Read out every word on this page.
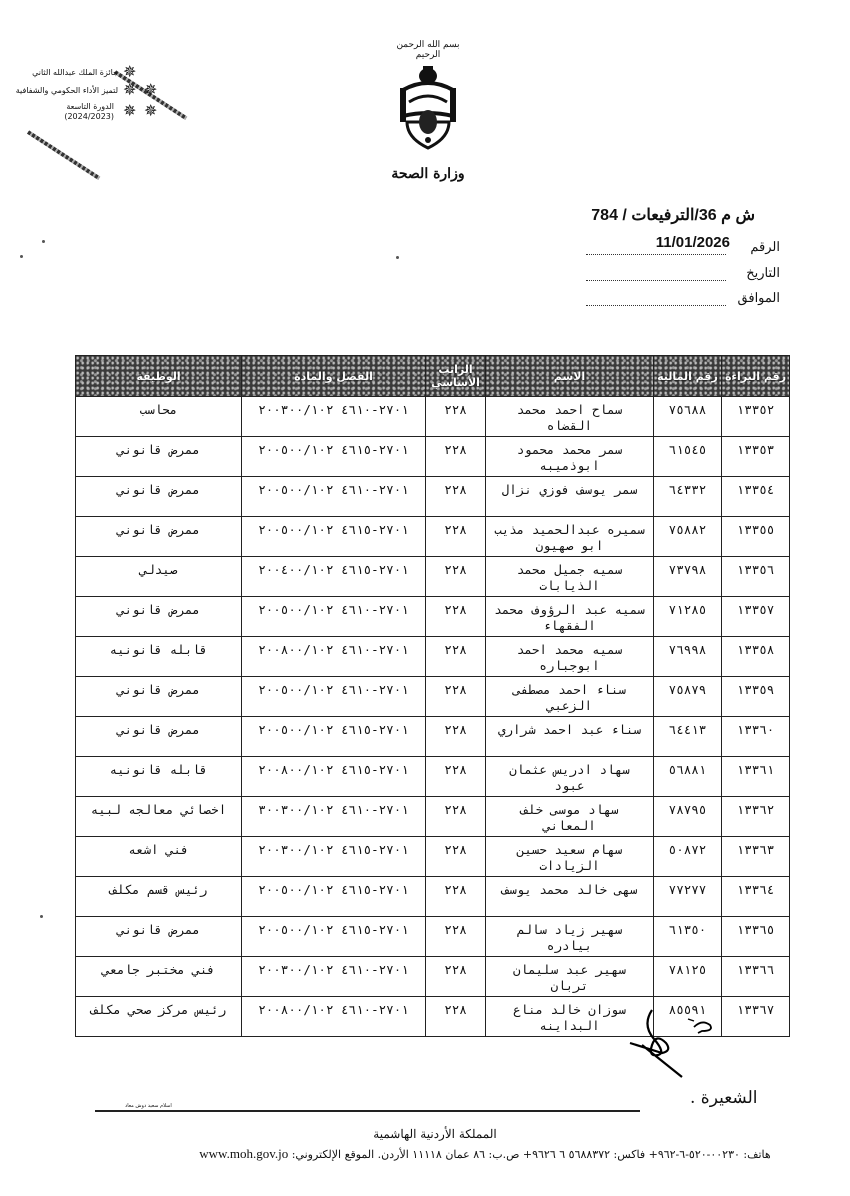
✵
✵ ✵
✵ ✵
جائزة الملك عبدالله الثاني
لتميز الأداء الحكومي والشفافية
الدورة التاسعة
(2024/2023)
بسم الله الرحمن الرحيم
وزارة الصحة
ش م 36/الترفيعات / 784
الرقم
11/01/2026
التاريخ
الموافق
رقم البراءة	رقم المالية	الاسم	الراتب الأساسي	الفصل والمادة	الوظيفة

١٣٣٥٢	٧٥٦٨٨	سماح احمد محمد القضاه	٢٢٨	٢٧٠١-٤٦١٠ ٢٠٠٣٠٠/١٠٢	محاسب

١٣٣٥٣	٦١٥٤٥	سمر محمد محمود ابوذميبه	٢٢٨	٢٧٠١-٤٦١٥ ٢٠٠٥٠٠/١٠٢	ممرض قانوني

١٣٣٥٤	٦٤٣٣٢	سمر يوسف فوزي نزال	٢٢٨	٢٧٠١-٤٦١٠ ٢٠٠٥٠٠/١٠٢	ممرض قانوني

١٣٣٥٥	٧٥٨٨٢	سميره عبدالحميد مذيب ابو صهيون	٢٢٨	٢٧٠١-٤٦١٥ ٢٠٠٥٠٠/١٠٢	ممرض قانوني

١٣٣٥٦	٧٣٧٩٨	سميه جميل محمد الذيابات	٢٢٨	٢٧٠١-٤٦١٥ ٢٠٠٤٠٠/١٠٢	صيدلي

١٣٣٥٧	٧١٢٨٥	سميه عبد الرؤوف محمد الفقهاء	٢٢٨	٢٧٠١-٤٦١٠ ٢٠٠٥٠٠/١٠٢	ممرض قانوني

١٣٣٥٨	٧٦٩٩٨	سميه محمد احمد ابوجباره	٢٢٨	٢٧٠١-٤٦١٠ ٢٠٠٨٠٠/١٠٢	قابله قانونيه

١٣٣٥٩	٧٥٨٧٩	سناء احمد مصطفى الزعبي	٢٢٨	٢٧٠١-٤٦١٠ ٢٠٠٥٠٠/١٠٢	ممرض قانوني

١٣٣٦٠	٦٤٤١٣	سناء عبد احمد شراري	٢٢٨	٢٧٠١-٤٦١٥ ٢٠٠٥٠٠/١٠٢	ممرض قانوني

١٣٣٦١	٥٦٨٨١	سهاد ادريس عثمان عبود	٢٢٨	٢٧٠١-٤٦١٥ ٢٠٠٨٠٠/١٠٢	قابله قانونيه

١٣٣٦٢	٧٨٧٩٥	سهاد موسى خلف المعاني	٢٢٨	٢٧٠١-٤٦١٠ ٣٠٠٣٠٠/١٠٢	اخصائي معالجه لبيه

١٣٣٦٣	٥٠٨٧٢	سهام سعيد حسين الزيادات	٢٢٨	٢٧٠١-٤٦١٥ ٢٠٠٣٠٠/١٠٢	فني اشعه

١٣٣٦٤	٧٧٢٧٧	سهى خالد محمد يوسف	٢٢٨	٢٧٠١-٤٦١٥ ٢٠٠٥٠٠/١٠٢	رئيس قسم مكلف

١٣٣٦٥	٦١٣٥٠	سهير زياد سالم بيادره	٢٢٨	٢٧٠١-٤٦١٥ ٢٠٠٥٠٠/١٠٢	ممرض قانوني

١٣٣٦٦	٧٨١٢٥	سهير عبد سليمان تربان	٢٢٨	٢٧٠١-٤٦١٠ ٢٠٠٣٠٠/١٠٢	فني مختبر جامعي

١٣٣٦٧	٨٥٥٩١	سوزان خالد مناع البداينه	٢٢٨	٢٧٠١-٤٦١٠ ٢٠٠٨٠٠/١٠٢	رئيس مركز صحي مكلف
الشعيرة .
اسلام سعيد دوش معاد
المملكة الأردنية الهاشمية
هاتف: ٠٠٢٣٠-٥٢٠-٦-٩٦٢+ فاكس: ٥٦٨٨٣٧٢ ٦ ٩٦٢٦+ ص.ب: ٨٦ عمان ١١١١٨ الأردن. الموقع الإلكتروني: www.moh.gov.jo
